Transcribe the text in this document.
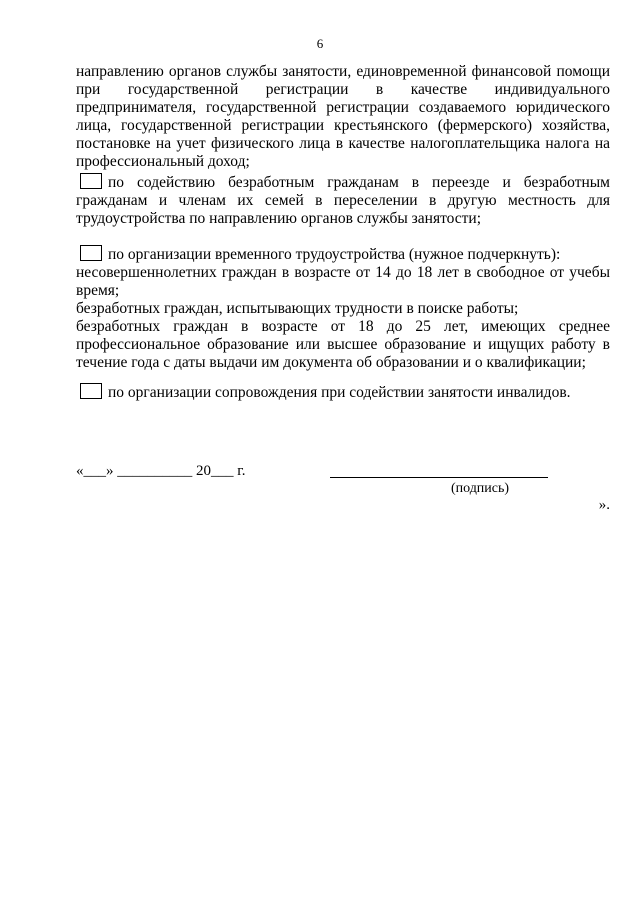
6

направлению органов службы занятости, единовременной финансовой помощи при государственной регистрации в качестве индивидуального предпринимателя, государственной регистрации создаваемого юридического лица, государственной регистрации крестьянского (фермерского) хозяйства, постановке на учет физического лица в качестве налогоплательщика налога на профессиональный доход;

по содействию безработным гражданам в переезде и безработным гражданам и членам их семей в переселении в другую местность для трудоустройства по направлению органов службы занятости;

по организации временного трудоустройства (нужное подчеркнуть):

несовершеннолетних граждан в возрасте от 14 до 18 лет в свободное от учебы время;

безработных граждан, испытывающих трудности в поиске работы;

безработных граждан в возрасте от 18 до 25 лет, имеющих среднее профессиональное образование или высшее образование и ищущих работу в течение года с даты выдачи им документа об образовании и о квалификации;

по организации сопровождения при содействии занятости инвалидов.

«___» __________ 20___ г.
(подпись)
».
